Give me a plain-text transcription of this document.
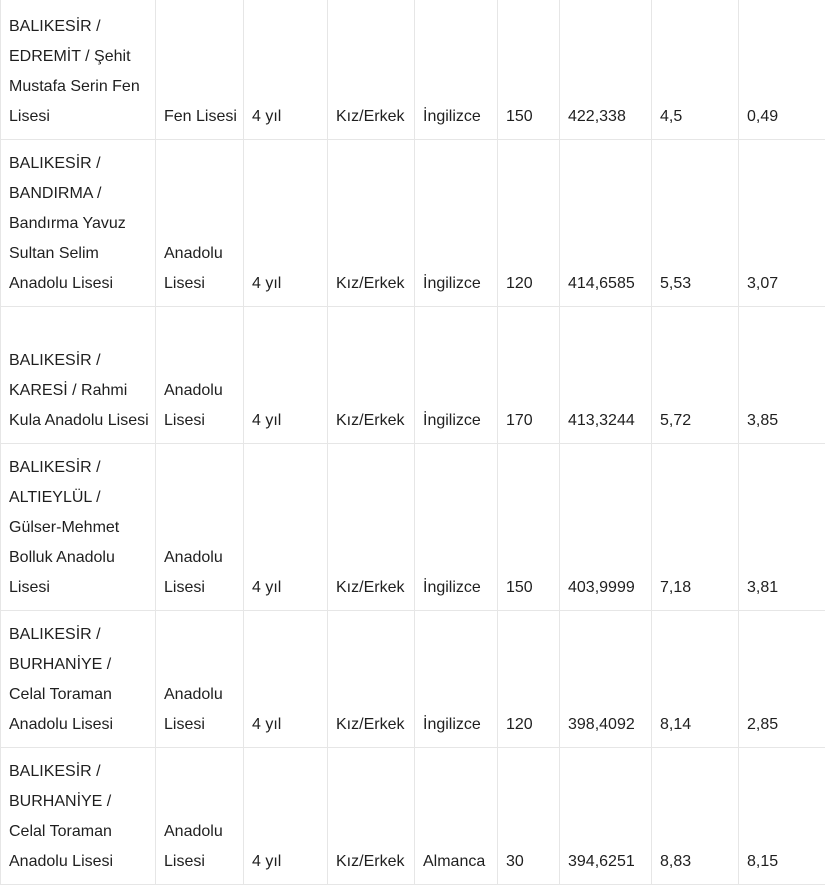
BALIKESİR / EDREMİT / Şehit Mustafa Serin Fen Lisesi	Fen Lisesi	4 yıl	Kız/Erkek	İngilizce	150	422,338	4,5	0,49

BALIKESİR / BANDIRMA / Bandırma Yavuz Sultan Selim Anadolu Lisesi	Anadolu Lisesi	4 yıl	Kız/Erkek	İngilizce	120	414,6585	5,53	3,07

BALIKESİR / KARESİ / Rahmi Kula Anadolu Lisesi	Anadolu Lisesi	4 yıl	Kız/Erkek	İngilizce	170	413,3244	5,72	3,85

BALIKESİR / ALTIEYLÜL / Gülser-Mehmet Bolluk Anadolu Lisesi	Anadolu Lisesi	4 yıl	Kız/Erkek	İngilizce	150	403,9999	7,18	3,81

BALIKESİR / BURHANİYE / Celal Toraman Anadolu Lisesi	Anadolu Lisesi	4 yıl	Kız/Erkek	İngilizce	120	398,4092	8,14	2,85

BALIKESİR / BURHANİYE / Celal Toraman Anadolu Lisesi	Anadolu Lisesi	4 yıl	Kız/Erkek	Almanca	30	394,6251	8,83	8,15
